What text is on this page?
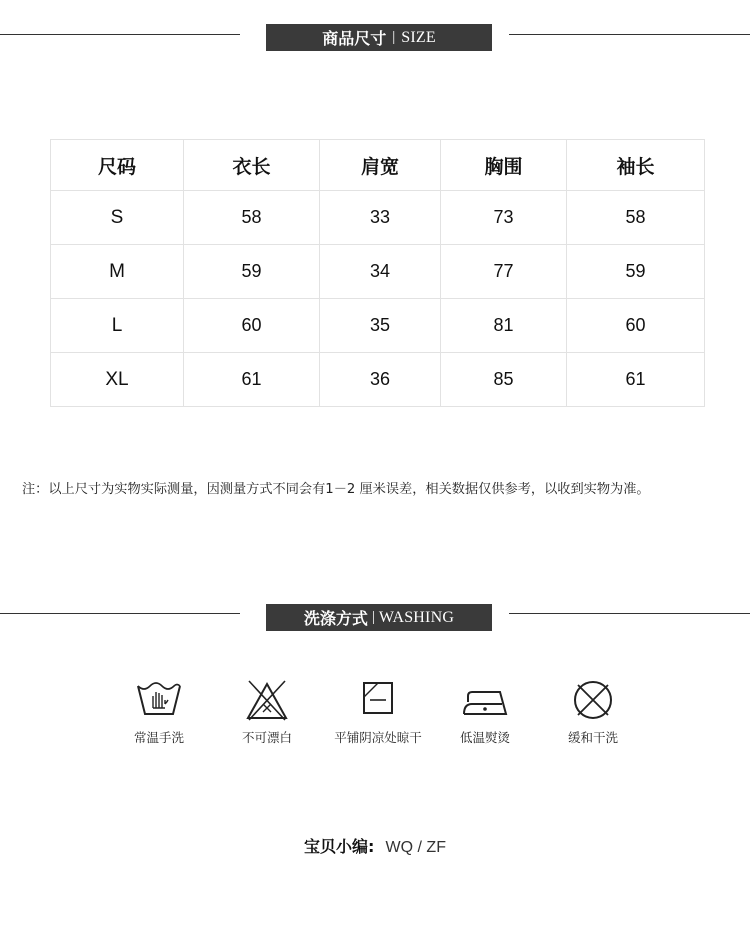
商品尺寸 | SIZE
尺码	衣长	肩宽	胸围	袖长
S	58	33	73	58
M	59	34	77	59
L	60	35	81	60
XL	61	36	85	61
注：以上尺寸为实物实际测量，因测量方式不同会有1－2 厘米误差，相关数据仅供参考，以收到实物为准。
洗涤方式 | WASHING
常温手洗	不可漂白	平铺阴凉处晾干	低温熨烫	缓和干洗
宝贝小编: WQ / ZF
